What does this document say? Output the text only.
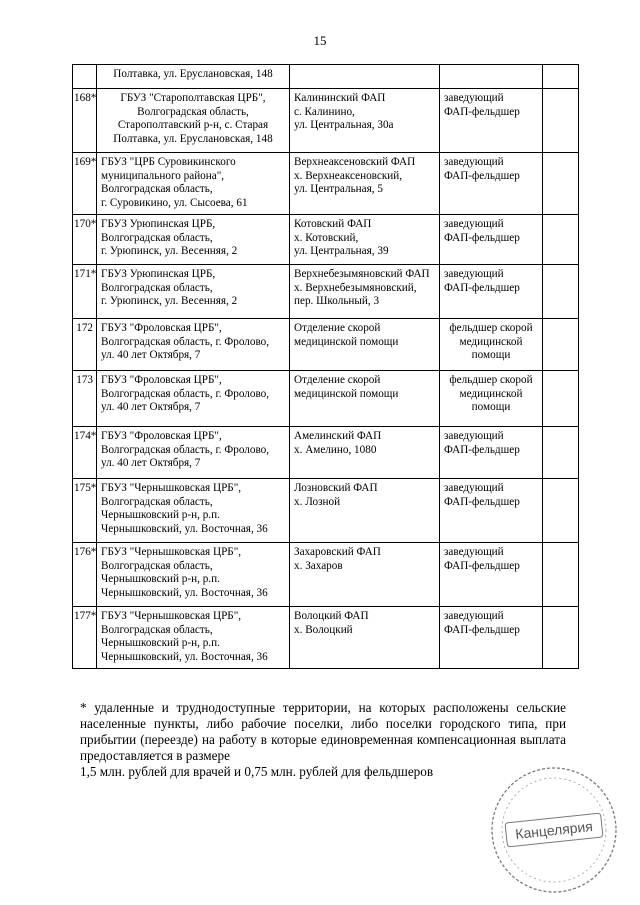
15
	Полтавка, ул. Еруслановская, 148			
168*	ГБУЗ "Старополтавская ЦРБ",
Волгоградская область,
Старополтавский р-н, с. Старая
Полтавка, ул. Еруслановская, 148	Калининский ФАП
с. Калинино,
ул. Центральная, 30а	заведующий
ФАП-фельдшер	
169*	ГБУЗ "ЦРБ Суровикинского
муниципального района",
Волгоградская область,
г. Суровикино, ул. Сысоева, 61	Верхнеаксеновский ФАП
х. Верхнеаксеновский,
ул. Центральная, 5	заведующий
ФАП-фельдшер	
170*	ГБУЗ Урюпинская ЦРБ,
Волгоградская область,
г. Урюпинск, ул. Весенняя, 2	Котовский ФАП
х. Котовский,
ул. Центральная, 39	заведующий
ФАП-фельдшер	
171*	ГБУЗ Урюпинская ЦРБ,
Волгоградская область,
г. Урюпинск, ул. Весенняя, 2	Верхнебезымяновский ФАП
х. Верхнебезымяновский,
пер. Школьный, 3	заведующий
ФАП-фельдшер	
172	ГБУЗ "Фроловская ЦРБ",
Волгоградская область, г. Фролово,
ул. 40 лет Октября, 7	Отделение скорой
медицинской помощи	фельдшер скорой
медицинской
помощи	
173	ГБУЗ "Фроловская ЦРБ",
Волгоградская область, г. Фролово,
ул. 40 лет Октября, 7	Отделение скорой
медицинской помощи	фельдшер скорой
медицинской
помощи	
174*	ГБУЗ "Фроловская ЦРБ",
Волгоградская область, г. Фролово,
ул. 40 лет Октября, 7	Амелинский ФАП
х. Амелино, 1080	заведующий
ФАП-фельдшер	
175*	ГБУЗ "Чернышковская ЦРБ",
Волгоградская область,
Чернышковский р-н, р.п.
Чернышковский, ул. Восточная, 36	Лозновский ФАП
х. Лозной	заведующий
ФАП-фельдшер	
176*	ГБУЗ "Чернышковская ЦРБ",
Волгоградская область,
Чернышковский р-н, р.п.
Чернышковский, ул. Восточная, 36	Захаровский ФАП
х. Захаров	заведующий
ФАП-фельдшер	
177*	ГБУЗ "Чернышковская ЦРБ",
Волгоградская область,
Чернышковский р-н, р.п.
Чернышковский, ул. Восточная, 36	Волоцкий ФАП
х. Волоцкий	заведующий
ФАП-фельдшер	
* удаленные и труднодоступные территории, на которых расположены сельские населенные пункты, либо рабочие поселки, либо поселки городского типа, при прибытии (переезде) на работу в которые единовременная компенсационная выплата предоставляется в размере
1,5 млн. рублей для врачей и 0,75 млн. рублей для фельдшеров
Канцелярия
